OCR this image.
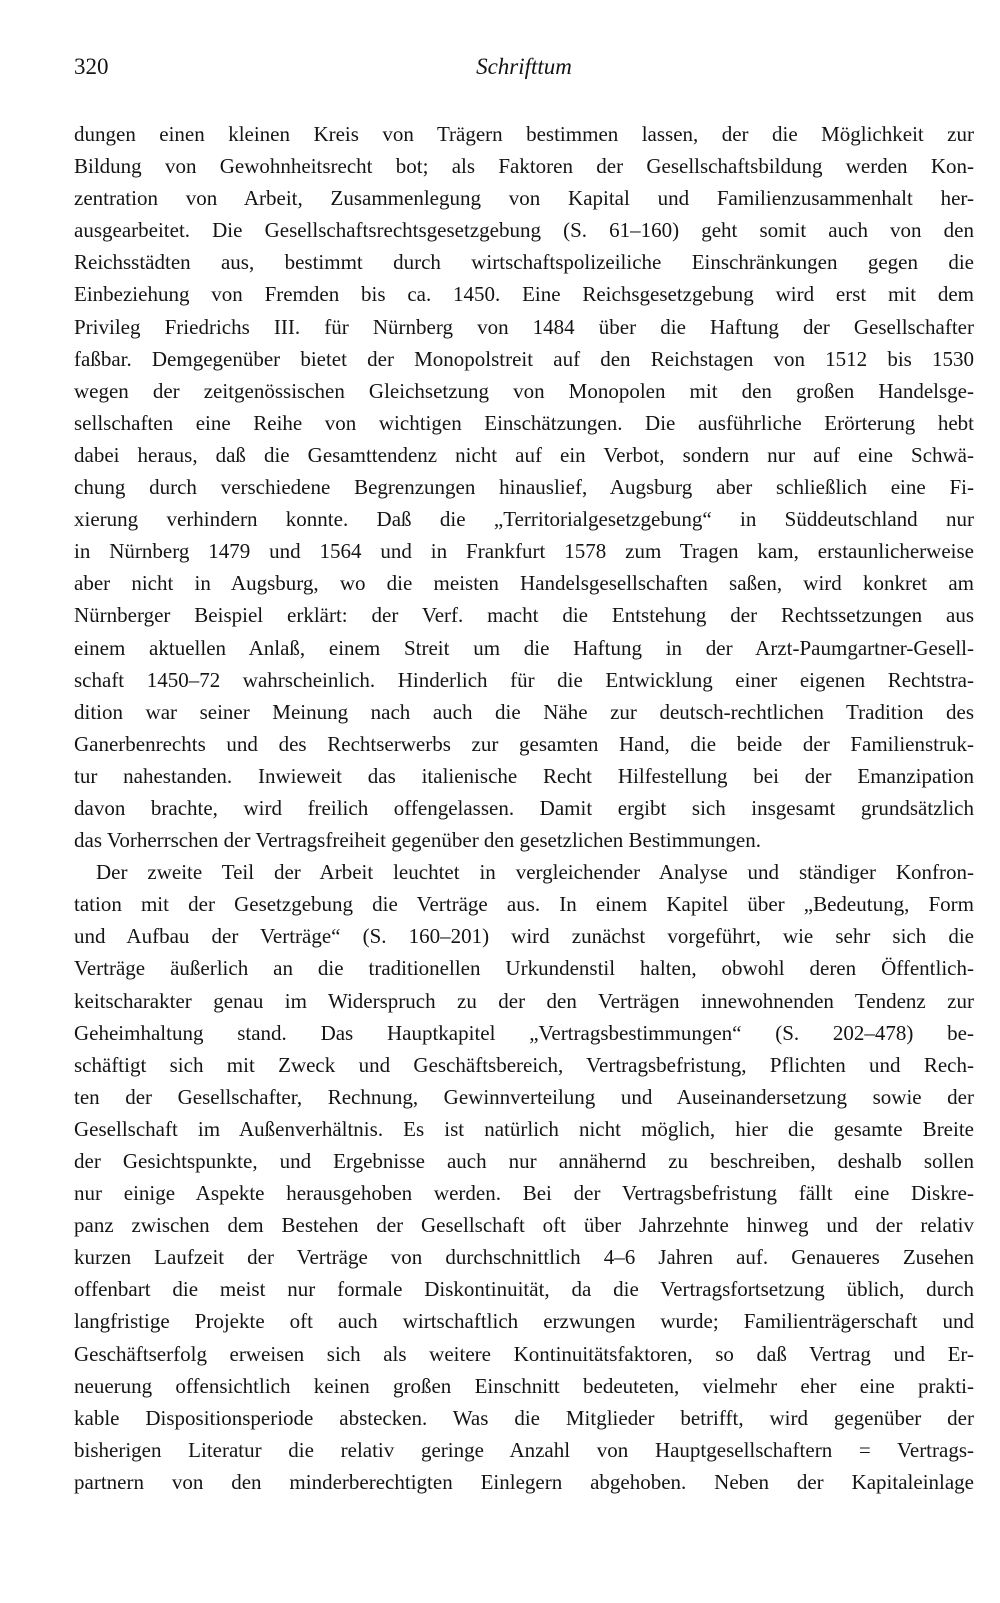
320	Schrifttum
dungen einen kleinen Kreis von Trägern bestimmen lassen, der die Möglichkeit zur
Bildung von Gewohnheitsrecht bot; als Faktoren der Gesellschaftsbildung werden Kon-
zentration von Arbeit, Zusammenlegung von Kapital und Familienzusammenhalt her-
ausgearbeitet. Die Gesellschaftsrechtsgesetzgebung (S. 61–160) geht somit auch von den
Reichsstädten aus, bestimmt durch wirtschaftspolizeiliche Einschränkungen gegen die
Einbeziehung von Fremden bis ca. 1450. Eine Reichsgesetzgebung wird erst mit dem
Privileg Friedrichs III. für Nürnberg von 1484 über die Haftung der Gesellschafter
faßbar. Demgegenüber bietet der Monopolstreit auf den Reichstagen von 1512 bis 1530
wegen der zeitgenössischen Gleichsetzung von Monopolen mit den großen Handelsge-
sellschaften eine Reihe von wichtigen Einschätzungen. Die ausführliche Erörterung hebt
dabei heraus, daß die Gesamttendenz nicht auf ein Verbot, sondern nur auf eine Schwä-
chung durch verschiedene Begrenzungen hinauslief, Augsburg aber schließlich eine Fi-
xierung verhindern konnte. Daß die „Territorialgesetzgebung“ in Süddeutschland nur
in Nürnberg 1479 und 1564 und in Frankfurt 1578 zum Tragen kam, erstaunlicherweise
aber nicht in Augsburg, wo die meisten Handelsgesellschaften saßen, wird konkret am
Nürnberger Beispiel erklärt: der Verf. macht die Entstehung der Rechtssetzungen aus
einem aktuellen Anlaß, einem Streit um die Haftung in der Arzt-Paumgartner-Gesell-
schaft 1450–72 wahrscheinlich. Hinderlich für die Entwicklung einer eigenen Rechtstra-
dition war seiner Meinung nach auch die Nähe zur deutsch-rechtlichen Tradition des
Ganerbenrechts und des Rechtserwerbs zur gesamten Hand, die beide der Familienstruk-
tur nahestanden. Inwieweit das italienische Recht Hilfestellung bei der Emanzipation
davon brachte, wird freilich offengelassen. Damit ergibt sich insgesamt grundsätzlich
das Vorherrschen der Vertragsfreiheit gegenüber den gesetzlichen Bestimmungen.
Der zweite Teil der Arbeit leuchtet in vergleichender Analyse und ständiger Konfron-
tation mit der Gesetzgebung die Verträge aus. In einem Kapitel über „Bedeutung, Form
und Aufbau der Verträge“ (S. 160–201) wird zunächst vorgeführt, wie sehr sich die
Verträge äußerlich an die traditionellen Urkundenstil halten, obwohl deren Öffentlich-
keitscharakter genau im Widerspruch zu der den Verträgen innewohnenden Tendenz zur
Geheimhaltung stand. Das Hauptkapitel „Vertragsbestimmungen“ (S. 202–478) be-
schäftigt sich mit Zweck und Geschäftsbereich, Vertragsbefristung, Pflichten und Rech-
ten der Gesellschafter, Rechnung, Gewinnverteilung und Auseinandersetzung sowie der
Gesellschaft im Außenverhältnis. Es ist natürlich nicht möglich, hier die gesamte Breite
der Gesichtspunkte, und Ergebnisse auch nur annähernd zu beschreiben, deshalb sollen
nur einige Aspekte herausgehoben werden. Bei der Vertragsbefristung fällt eine Diskre-
panz zwischen dem Bestehen der Gesellschaft oft über Jahrzehnte hinweg und der relativ
kurzen Laufzeit der Verträge von durchschnittlich 4–6 Jahren auf. Genaueres Zusehen
offenbart die meist nur formale Diskontinuität, da die Vertragsfortsetzung üblich, durch
langfristige Projekte oft auch wirtschaftlich erzwungen wurde; Familienträgerschaft und
Geschäftserfolg erweisen sich als weitere Kontinuitätsfaktoren, so daß Vertrag und Er-
neuerung offensichtlich keinen großen Einschnitt bedeuteten, vielmehr eher eine prakti-
kable Dispositionsperiode abstecken. Was die Mitglieder betrifft, wird gegenüber der
bisherigen Literatur die relativ geringe Anzahl von Hauptgesellschaftern = Vertrags-
partnern von den minderberechtigten Einlegern abgehoben. Neben der Kapitaleinlage
